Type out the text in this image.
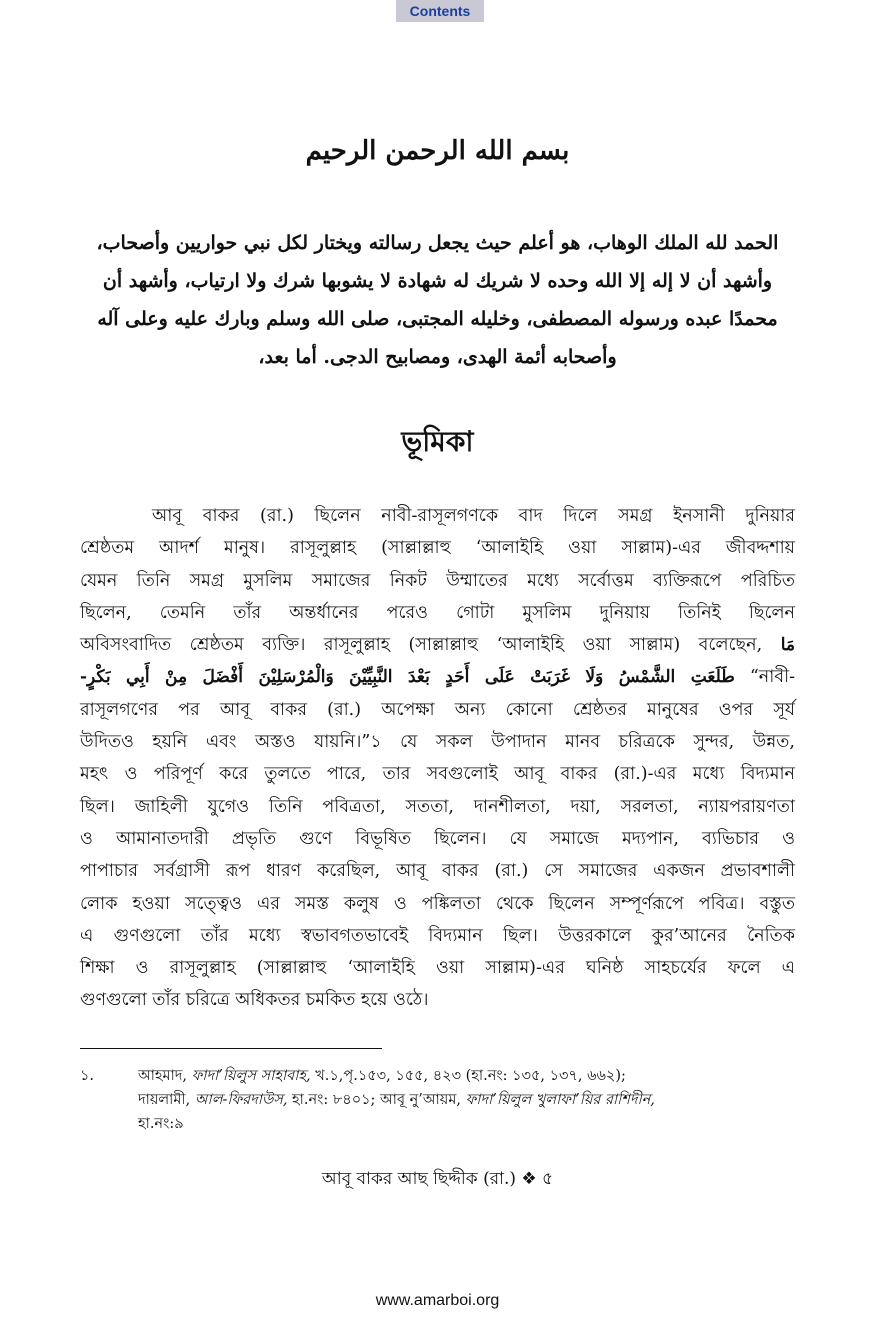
Contents
بسم الله الرحمن الرحيم
الحمد لله الملك الوهاب، هو أعلم حيث يجعل رسالته ويختار لكل نبي حواريين وأصحاب،
وأشهد أن لا إله إلا الله وحده لا شريك له شهادة لا يشوبها شرك ولا ارتياب، وأشهد أن
محمدًا عبده ورسوله المصطفى، وخليله المجتبى، صلى الله وسلم وبارك عليه وعلى آله
وأصحابه أئمة الهدى، ومصابيح الدجى. أما بعد،
ভূমিকা
আবূ বাকর (রা.) ছিলেন নাবী-রাসূলগণকে বাদ দিলে সমগ্র ইনসানী দুনিয়ার
শ্রেষ্ঠতম আদর্শ মানুষ। রাসূলুল্লাহ (সাল্লাল্লাহু ‘আলাইহি ওয়া সাল্লাম)-এর জীবদ্দশায়
যেমন তিনি সমগ্র মুসলিম সমাজের নিকট উম্মাতের মধ্যে সর্বোত্তম ব্যক্তিরূপে পরিচিত
ছিলেন, তেমনি তাঁর অন্তর্ধানের পরেও গোটা মুসলিম দুনিয়ায় তিনিই ছিলেন
অবিসংবাদিত শ্রেষ্ঠতম ব্যক্তি। রাসূলুল্লাহ (সাল্লাল্লাহু ‘আলাইহি ওয়া সাল্লাম) বলেছেন, مَا
طَلَعَتِ الشَّمْسُ وَلَا غَرَبَتْ عَلَى أَحَدٍ بَعْدَ النَّبِيِّيْنَ وَالْمُرْسَلِيْنَ أَفْضَلَ مِنْ أَبِي بَكْرٍ- “নাবী-
রাসূলগণের পর আবূ বাকর (রা.) অপেক্ষা অন্য কোনো শ্রেষ্ঠতর মানুষের ওপর সূর্য
উদিতও হয়নি এবং অস্তও যায়নি।”১ যে সকল উপাদান মানব চরিত্রকে সুন্দর, উন্নত,
মহৎ ও পরিপূর্ণ করে তুলতে পারে, তার সবগুলোই আবূ বাকর (রা.)-এর মধ্যে বিদ্যমান
ছিল। জাহিলী যুগেও তিনি পবিত্রতা, সততা, দানশীলতা, দয়া, সরলতা, ন্যায়পরায়ণতা
ও আমানাতদারী প্রভৃতি গুণে বিভূষিত ছিলেন। যে সমাজে মদ্যপান, ব্যভিচার ও
পাপাচার সর্বগ্রাসী রূপ ধারণ করেছিল, আবূ বাকর (রা.) সে সমাজের একজন প্রভাবশালী
লোক হওয়া সত্ত্বেও এর সমস্ত কলুষ ও পঙ্কিলতা থেকে ছিলেন সম্পূর্ণরূপে পবিত্র। বস্তুত
এ গুণগুলো তাঁর মধ্যে স্বভাবগতভাবেই বিদ্যমান ছিল। উত্তরকালে কুর’আনের নৈতিক
শিক্ষা ও রাসূলুল্লাহ (সাল্লাল্লাহু ‘আলাইহি ওয়া সাল্লাম)-এর ঘনিষ্ঠ সাহচর্যের ফলে এ
গুণগুলো তাঁর চরিত্রে অধিকতর চমকিত হয়ে ওঠে।
১.	আহমাদ, ফাদা’য়িলুস সাহাবাহ, খ.১,পৃ.১৫৩, ১৫৫, ৪২৩ (হা.নং: ১৩৫, ১৩৭, ৬৬২);
দায়লামী, আল-ফিরদাউস, হা.নং: ৮৪০১; আবূ নু’আয়ম, ফাদা’য়িলুল খুলাফা’য়ির রাশিদীন,
হা.নং:৯
আবূ বাকর আছ ছিদ্দীক (রা.) ❖ ৫
www.amarboi.org
